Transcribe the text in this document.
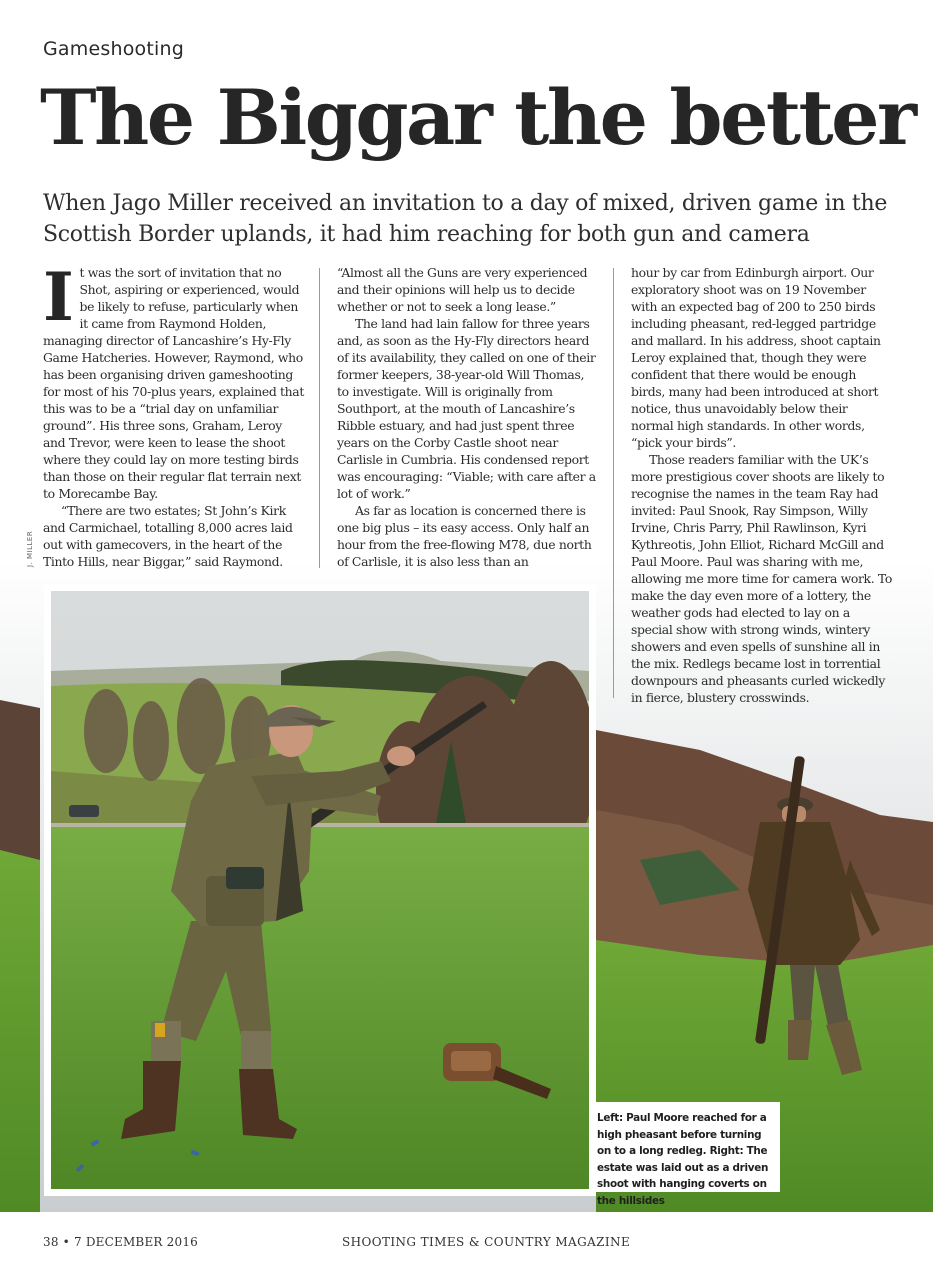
Gameshooting
The Biggar the better

When Jago Miller received an invitation to a day of mixed, driven game in the Scottish Border uplands, it had him reaching for both gun and camera

It was the sort of invitation that no Shot, aspiring or experienced, would be likely to refuse, particularly when it came from Raymond Holden, managing director of Lancashire’s Hy-Fly Game Hatcheries. However, Raymond, who has been organising driven gameshooting for most of his 70-plus years, explained that this was to be a “trial day on unfamiliar ground”. His three sons, Graham, Leroy and Trevor, were keen to lease the shoot where they could lay on more testing birds than those on their regular flat terrain next to Morecambe Bay.

“There are two estates; St John’s Kirk and Carmichael, totalling 8,000 acres laid out with gamecovers, in the heart of the Tinto Hills, near Biggar,” said Raymond.

“Almost all the Guns are very experienced and their opinions will help us to decide whether or not to seek a long lease.”

The land had lain fallow for three years and, as soon as the Hy-Fly directors heard of its availability, they called on one of their former keepers, 38-year-old Will Thomas, to investigate. Will is originally from Southport, at the mouth of Lancashire’s Ribble estuary, and had just spent three years on the Corby Castle shoot near Carlisle in Cumbria. His condensed report was encouraging: “Viable; with care after a lot of work.”

As far as location is concerned there is one big plus – its easy access. Only half an hour from the free-flowing M78, due north of Carlisle, it is also less than an

hour by car from Edinburgh airport. Our exploratory shoot was on 19 November with an expected bag of 200 to 250 birds including pheasant, red-legged partridge and mallard. In his address, shoot captain Leroy explained that, though they were confident that there would be enough birds, many had been introduced at short notice, thus unavoidably below their normal high standards. In other words, “pick your birds”.

Those readers familiar with the UK’s more prestigious cover shoots are likely to recognise the names in the team Ray had invited: Paul Snook, Ray Simpson, Willy Irvine, Chris Parry, Phil Rawlinson, Kyri Kythreotis, John Elliot, Richard McGill and Paul Moore. Paul was sharing with me, allowing me more time for camera work. To make the day even more of a lottery, the weather gods had elected to lay on a special show with strong winds, wintery showers and even spells of sunshine all in the mix. Redlegs became lost in torrential downpours and pheasants curled wickedly in fierce, blustery crosswinds.

J. MILLER
Left: Paul Moore reached for a high pheasant before turning on to a long redleg. Right: The estate was laid out as a driven shoot with hanging coverts on the hillsides
38 • 7 DECEMBER 2016	SHOOTING TIMES & COUNTRY MAGAZINE
